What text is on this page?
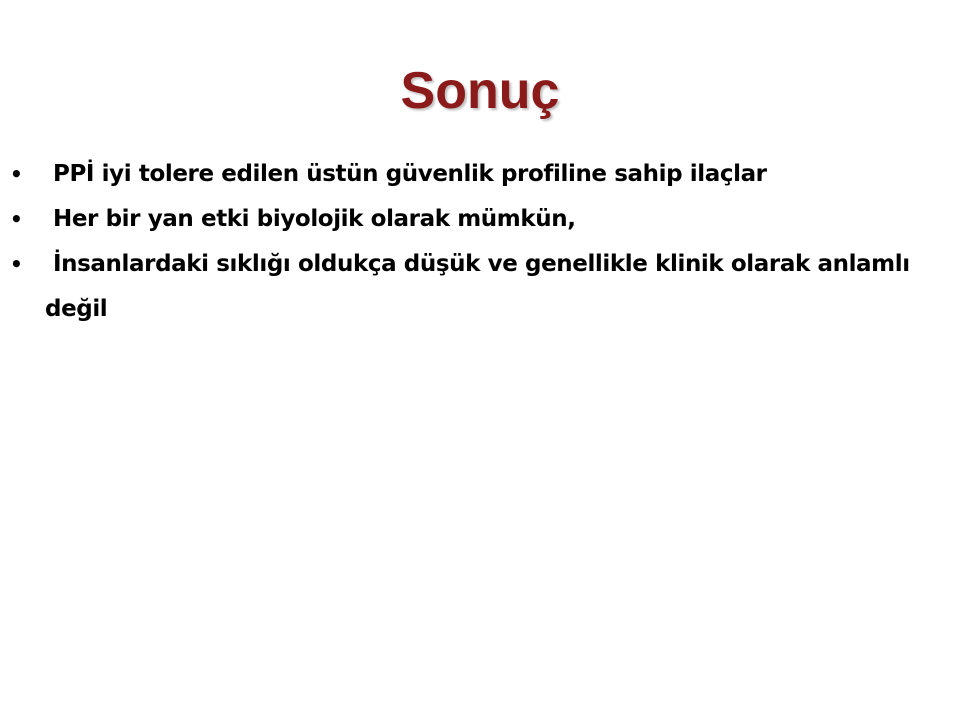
Sonuç
• PPİ iyi tolere edilen üstün güvenlik profiline sahip ilaçlar
• Her bir yan etki biyolojik olarak mümkün,
• İnsanlardaki sıklığı oldukça düşük ve genellikle klinik olarak anlamlı
değil
